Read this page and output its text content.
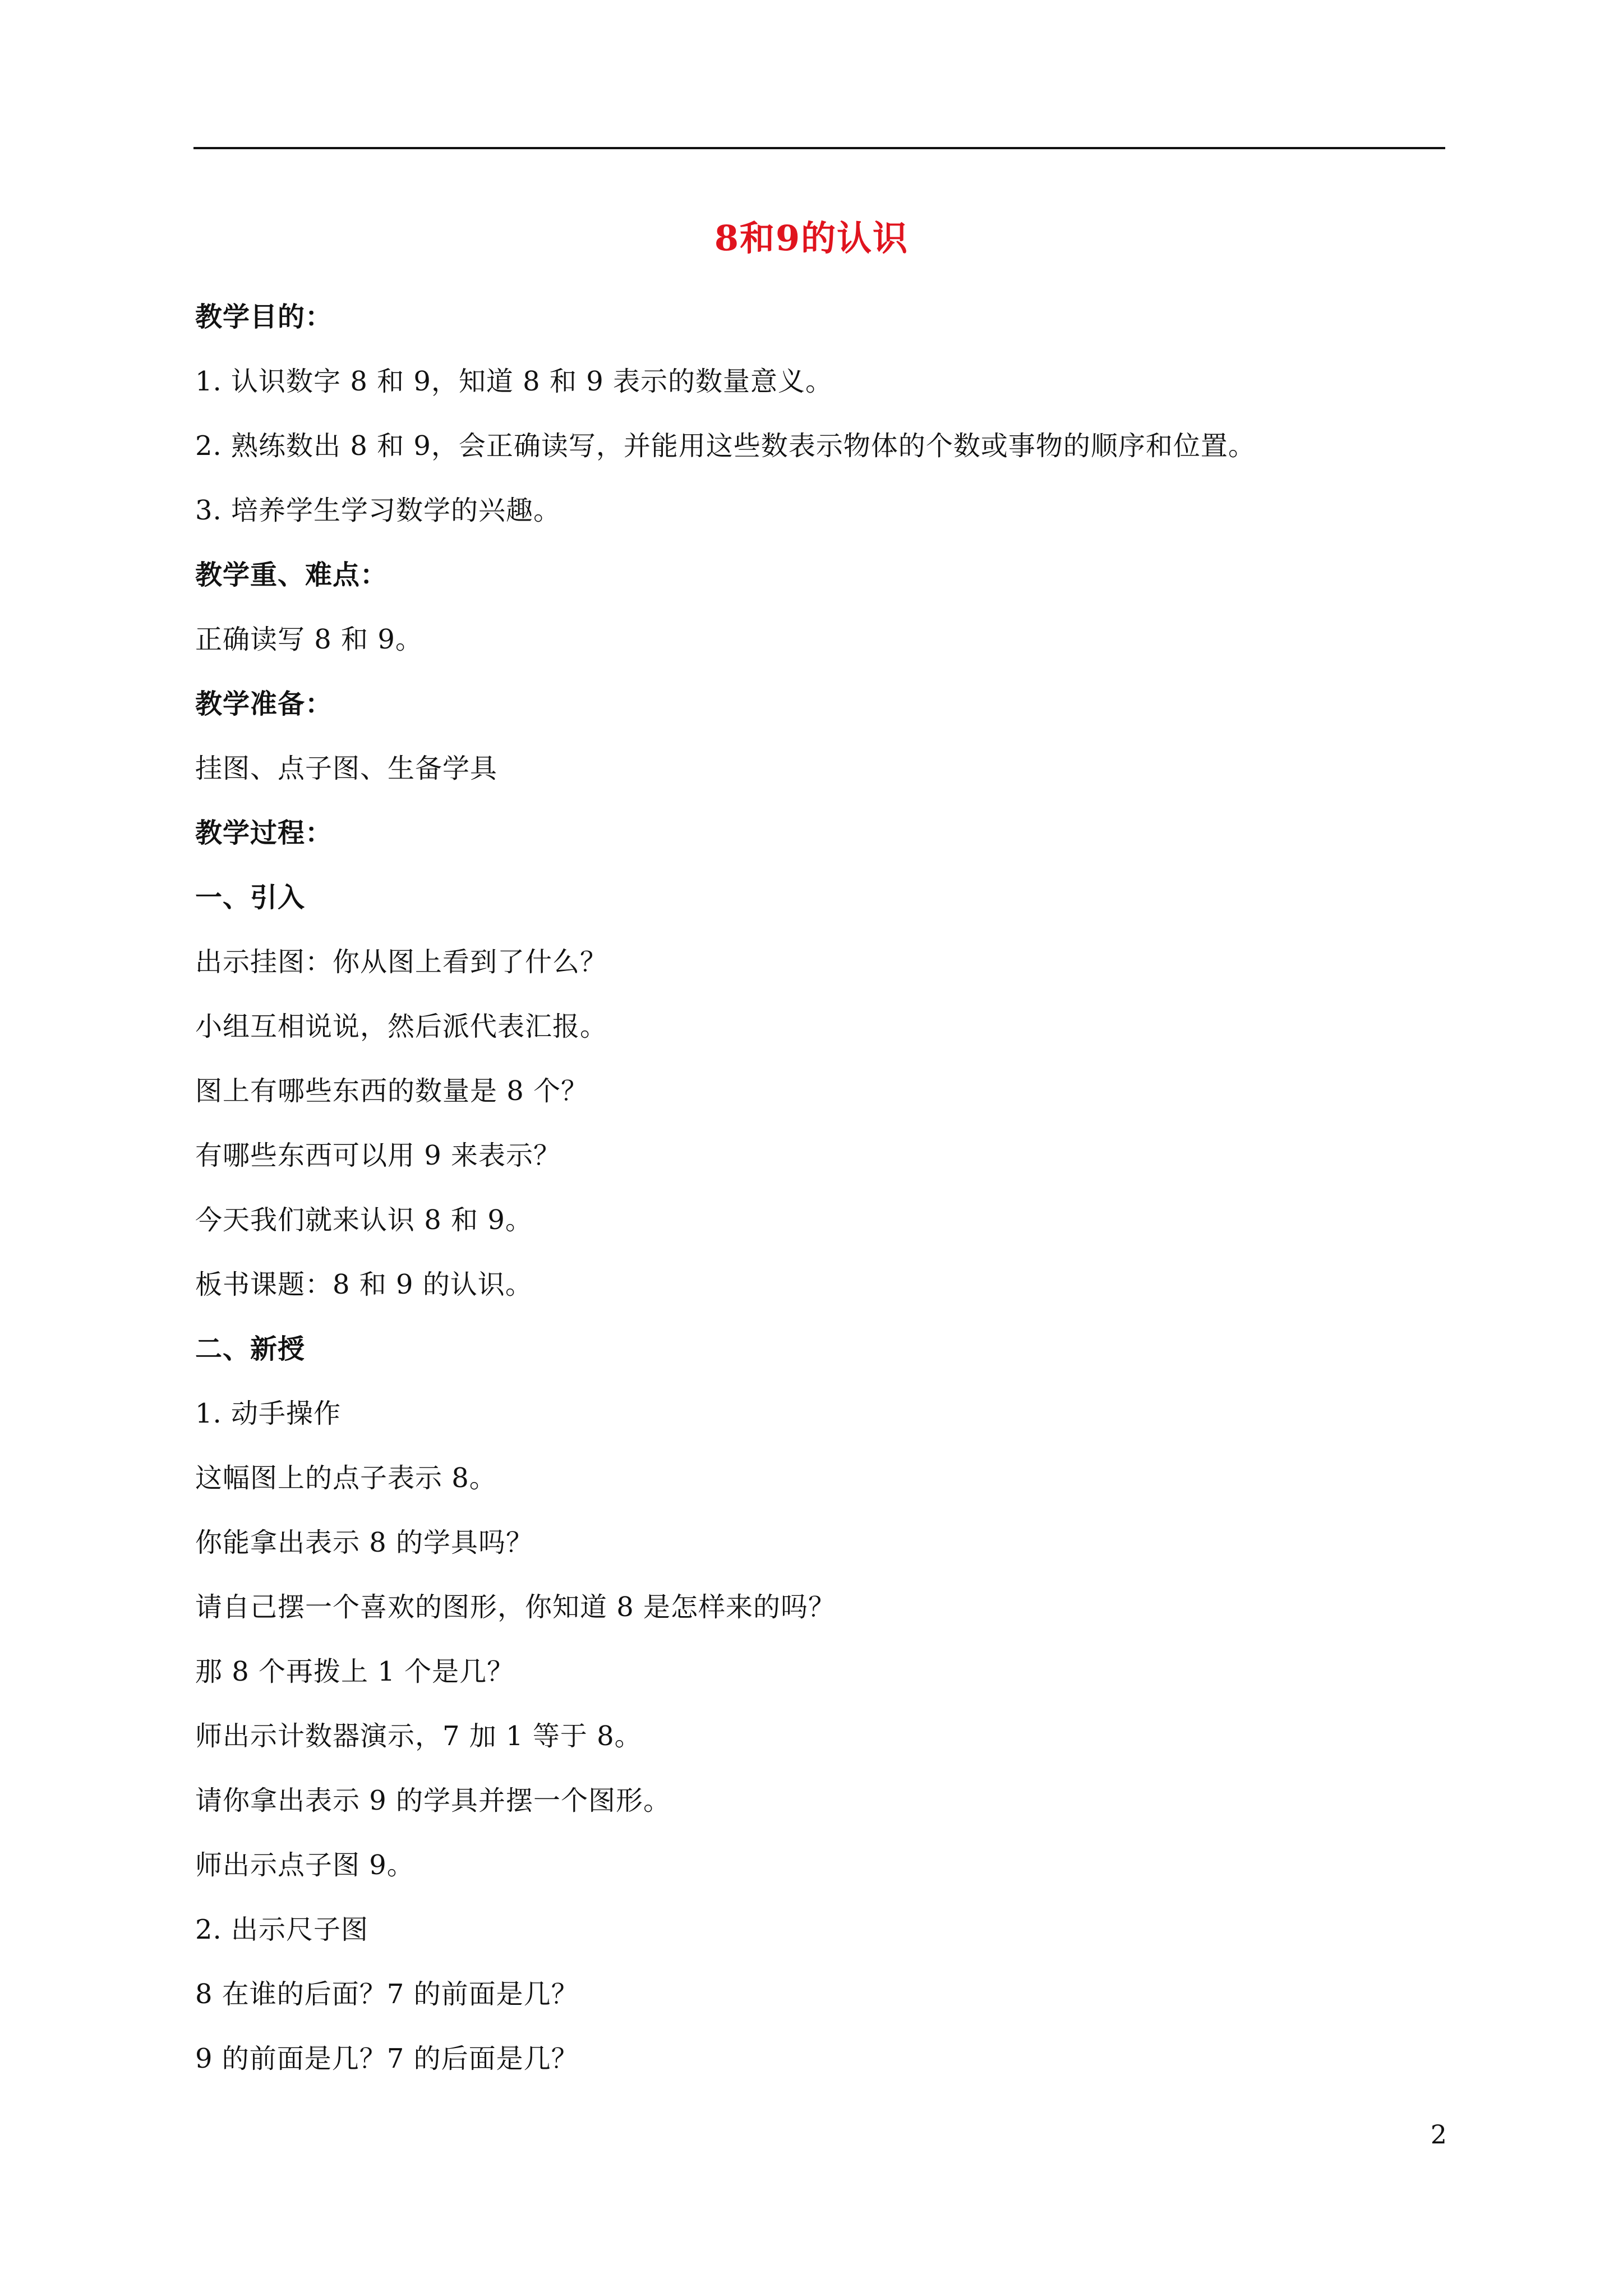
8和9的认识
教学目的：
1. 认识数字 8 和 9，知道 8 和 9 表示的数量意义。
2. 熟练数出 8 和 9，会正确读写，并能用这些数表示物体的个数或事物的顺序和位置。
3. 培养学生学习数学的兴趣。
教学重、难点：
正确读写 8 和 9。
教学准备：
挂图、点子图、生备学具
教学过程：
一、引入
出示挂图：你从图上看到了什么？
小组互相说说，然后派代表汇报。
图上有哪些东西的数量是 8 个？
有哪些东西可以用 9 来表示？
今天我们就来认识 8 和 9。
板书课题：8 和 9 的认识。
二、新授
1. 动手操作
这幅图上的点子表示 8。
你能拿出表示 8 的学具吗？
请自己摆一个喜欢的图形，你知道 8 是怎样来的吗？
那 8 个再拨上 1 个是几？
师出示计数器演示，7 加 1 等于 8。
请你拿出表示 9 的学具并摆一个图形。
师出示点子图 9。
2. 出示尺子图
8 在谁的后面？7 的前面是几？
9 的前面是几？7 的后面是几？
2
